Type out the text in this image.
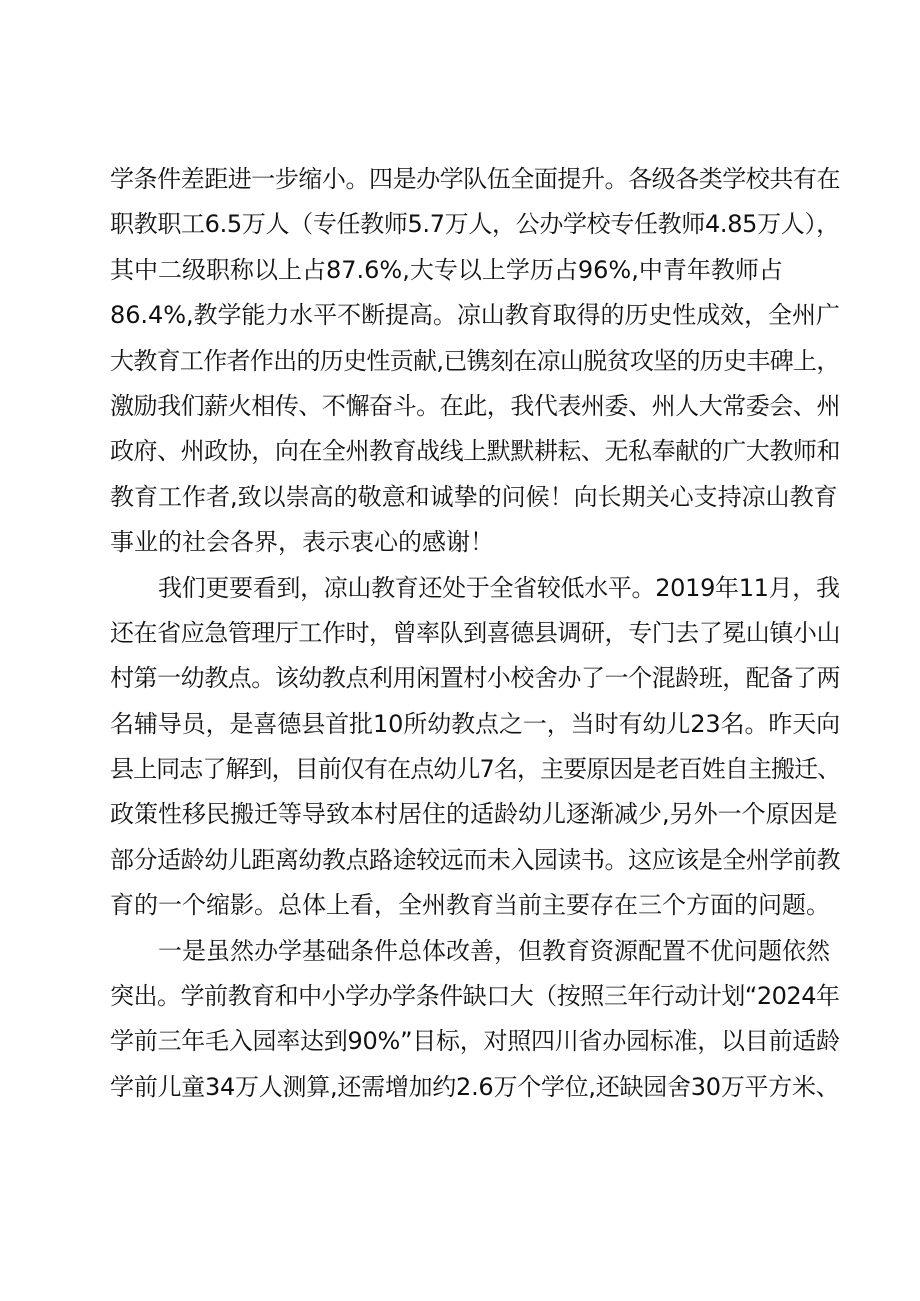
学条件差距进一步缩小。四是办学队伍全面提升。各级各类学校共有在
职教职工6.5万人（专任教师5.7万人，公办学校专任教师4.85万人），
其中二级职称以上占87.6%,大专以上学历占96%,中青年教师占
86.4%,教学能力水平不断提高。凉山教育取得的历史性成效，全州广
大教育工作者作出的历史性贡献,已镌刻在凉山脱贫攻坚的历史丰碑上，
激励我们薪火相传、不懈奋斗。在此，我代表州委、州人大常委会、州
政府、州政协，向在全州教育战线上默默耕耘、无私奉献的广大教师和
教育工作者,致以崇高的敬意和诚挚的问候！向长期关心支持凉山教育
事业的社会各界，表示衷心的感谢！
我们更要看到，凉山教育还处于全省较低水平。2019年11月，我
还在省应急管理厅工作时，曾率队到喜德县调研，专门去了冕山镇小山
村第一幼教点。该幼教点利用闲置村小校舍办了一个混龄班，配备了两
名辅导员，是喜德县首批10所幼教点之一，当时有幼儿23名。昨天向
县上同志了解到，目前仅有在点幼儿7名，主要原因是老百姓自主搬迁、
政策性移民搬迁等导致本村居住的适龄幼儿逐渐减少,另外一个原因是
部分适龄幼儿距离幼教点路途较远而未入园读书。这应该是全州学前教
育的一个缩影。总体上看，全州教育当前主要存在三个方面的问题。
一是虽然办学基础条件总体改善，但教育资源配置不优问题依然
突出。学前教育和中小学办学条件缺口大（按照三年行动计划“2024年
学前三年毛入园率达到90%”目标，对照四川省办园标准，以目前适龄
学前儿童34万人测算,还需增加约2.6万个学位,还缺园舍30万平方米、
